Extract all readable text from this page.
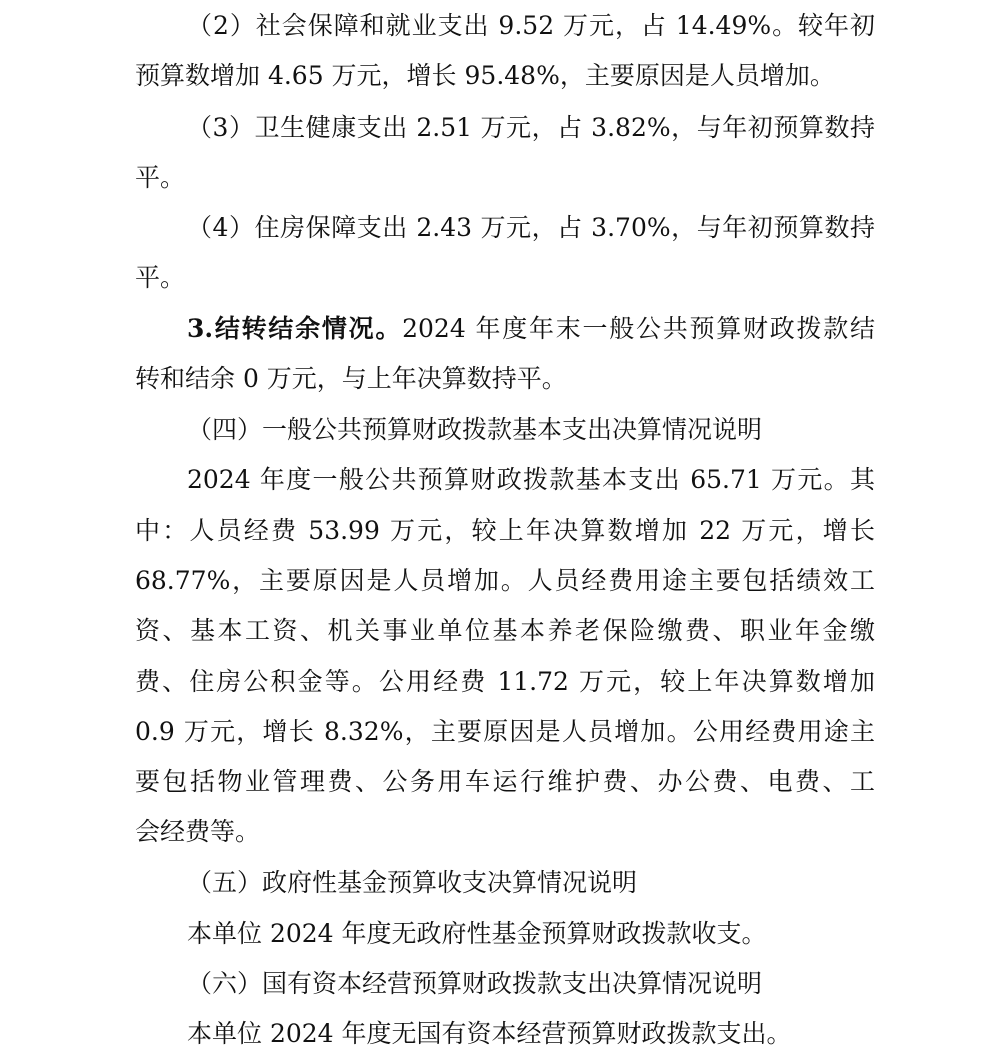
（2）社会保障和就业支出 9.52 万元，占 14.49%。较年初
预算数增加 4.65 万元，增长 95.48%，主要原因是人员增加。
（3）卫生健康支出 2.51 万元，占 3.82%，与年初预算数持
平。
（4）住房保障支出 2.43 万元，占 3.70%，与年初预算数持
平。
3.结转结余情况。2024 年度年末一般公共预算财政拨款结
转和结余 0 万元，与上年决算数持平。
（四）一般公共预算财政拨款基本支出决算情况说明
2024 年度一般公共预算财政拨款基本支出 65.71 万元。其
中：人员经费 53.99 万元，较上年决算数增加 22 万元，增长
68.77%，主要原因是人员增加。人员经费用途主要包括绩效工
资、基本工资、机关事业单位基本养老保险缴费、职业年金缴
费、住房公积金等。公用经费 11.72 万元，较上年决算数增加
0.9 万元，增长 8.32%，主要原因是人员增加。公用经费用途主
要包括物业管理费、公务用车运行维护费、办公费、电费、工
会经费等。
（五）政府性基金预算收支决算情况说明
本单位 2024 年度无政府性基金预算财政拨款收支。
（六）国有资本经营预算财政拨款支出决算情况说明
本单位 2024 年度无国有资本经营预算财政拨款支出。
